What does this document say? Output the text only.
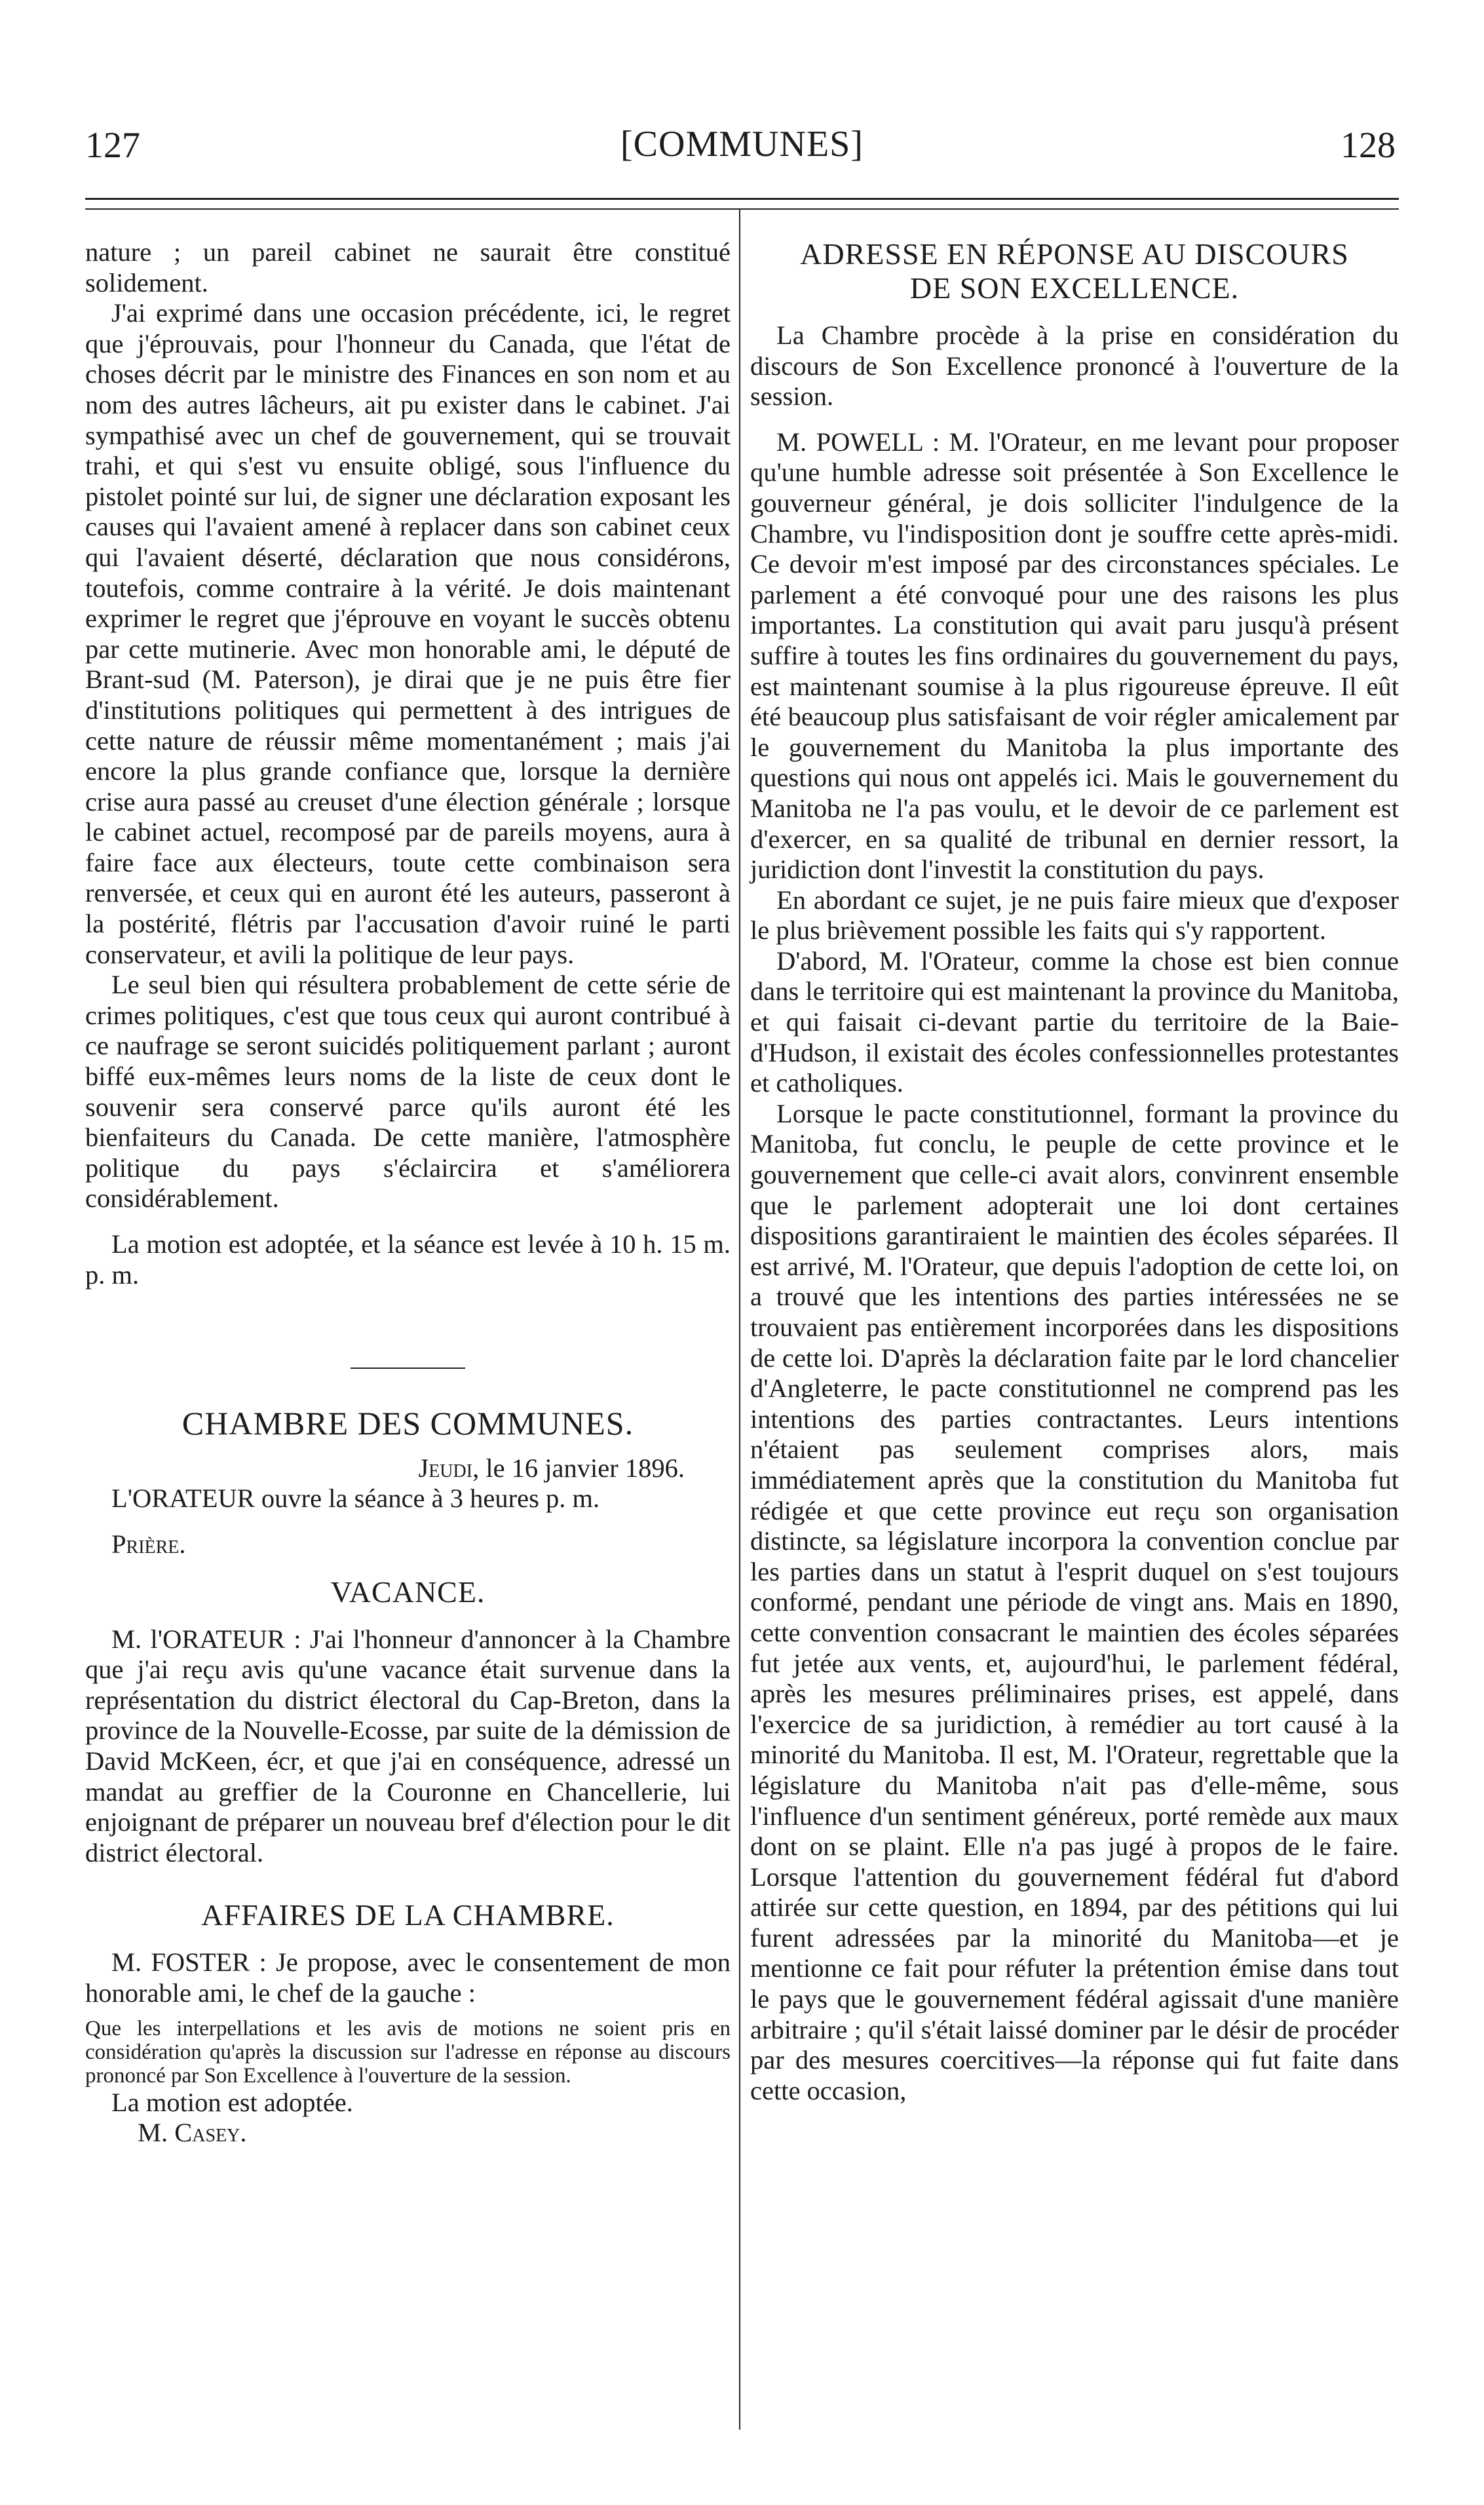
127	[COMMUNES]	128

nature ; un pareil cabinet ne saurait être constitué solidement.

J'ai exprimé dans une occasion précédente, ici, le regret que j'éprouvais, pour l'honneur du Canada, que l'état de choses décrit par le ministre des Finances en son nom et au nom des autres lâcheurs, ait pu exister dans le cabinet. J'ai sympathisé avec un chef de gouvernement, qui se trouvait trahi, et qui s'est vu ensuite obligé, sous l'influence du pistolet pointé sur lui, de signer une déclaration exposant les causes qui l'avaient amené à replacer dans son cabinet ceux qui l'avaient déserté, déclaration que nous considérons, toutefois, comme contraire à la vérité. Je dois maintenant exprimer le regret que j'éprouve en voyant le succès obtenu par cette mutinerie. Avec mon honorable ami, le député de Brant-sud (M. Paterson), je dirai que je ne puis être fier d'institutions politiques qui permettent à des intrigues de cette nature de réussir même momentanément ; mais j'ai encore la plus grande confiance que, lorsque la dernière crise aura passé au creuset d'une élection générale ; lorsque le cabinet actuel, recomposé par de pareils moyens, aura à faire face aux électeurs, toute cette combinaison sera renversée, et ceux qui en auront été les auteurs, passeront à la postérité, flétris par l'accusation d'avoir ruiné le parti conservateur, et avili la politique de leur pays.

Le seul bien qui résultera probablement de cette série de crimes politiques, c'est que tous ceux qui auront contribué à ce naufrage se seront suicidés politiquement parlant ; auront biffé eux-mêmes leurs noms de la liste de ceux dont le souvenir sera conservé parce qu'ils auront été les bienfaiteurs du Canada. De cette manière, l'atmosphère politique du pays s'éclaircira et s'améliorera considérablement.

La motion est adoptée, et la séance est levée à 10 h. 15 m. p. m.

CHAMBRE DES COMMUNES.

Jeudi, le 16 janvier 1896.

L'ORATEUR ouvre la séance à 3 heures p. m.

Prière.

VACANCE.

M. l'ORATEUR : J'ai l'honneur d'annoncer à la Chambre que j'ai reçu avis qu'une vacance était survenue dans la représentation du district électoral du Cap-Breton, dans la province de la Nouvelle-Ecosse, par suite de la démission de David McKeen, écr, et que j'ai en conséquence, adressé un mandat au greffier de la Couronne en Chancellerie, lui enjoignant de préparer un nouveau bref d'élection pour le dit district électoral.

AFFAIRES DE LA CHAMBRE.

M. FOSTER : Je propose, avec le consentement de mon honorable ami, le chef de la gauche :

Que les interpellations et les avis de motions ne soient pris en considération qu'après la discussion sur l'adresse en réponse au discours prononcé par Son Excellence à l'ouverture de la session.

La motion est adoptée.

M. Casey.

ADRESSE EN RÉPONSE AU DISCOURS DE SON EXCELLENCE.

La Chambre procède à la prise en considération du discours de Son Excellence prononcé à l'ouverture de la session.

M. POWELL : M. l'Orateur, en me levant pour proposer qu'une humble adresse soit présentée à Son Excellence le gouverneur général, je dois solliciter l'indulgence de la Chambre, vu l'indisposition dont je souffre cette après-midi. Ce devoir m'est imposé par des circonstances spéciales. Le parlement a été convoqué pour une des raisons les plus importantes. La constitution qui avait paru jusqu'à présent suffire à toutes les fins ordinaires du gouvernement du pays, est maintenant soumise à la plus rigoureuse épreuve. Il eût été beaucoup plus satisfaisant de voir régler amicalement par le gouvernement du Manitoba la plus importante des questions qui nous ont appelés ici. Mais le gouvernement du Manitoba ne l'a pas voulu, et le devoir de ce parlement est d'exercer, en sa qualité de tribunal en dernier ressort, la juridiction dont l'investit la constitution du pays.

En abordant ce sujet, je ne puis faire mieux que d'exposer le plus brièvement possible les faits qui s'y rapportent.

D'abord, M. l'Orateur, comme la chose est bien connue dans le territoire qui est maintenant la province du Manitoba, et qui faisait ci-devant partie du territoire de la Baie-d'Hudson, il existait des écoles confessionnelles protestantes et catholiques.

Lorsque le pacte constitutionnel, formant la province du Manitoba, fut conclu, le peuple de cette province et le gouvernement que celle-ci avait alors, convinrent ensemble que le parlement adopterait une loi dont certaines dispositions garantiraient le maintien des écoles séparées. Il est arrivé, M. l'Orateur, que depuis l'adoption de cette loi, on a trouvé que les intentions des parties intéressées ne se trouvaient pas entièrement incorporées dans les dispositions de cette loi. D'après la déclaration faite par le lord chancelier d'Angleterre, le pacte constitutionnel ne comprend pas les intentions des parties contractantes. Leurs intentions n'étaient pas seulement comprises alors, mais immédiatement après que la constitution du Manitoba fut rédigée et que cette province eut reçu son organisation distincte, sa législature incorpora la convention conclue par les parties dans un statut à l'esprit duquel on s'est toujours conformé, pendant une période de vingt ans. Mais en 1890, cette convention consacrant le maintien des écoles séparées fut jetée aux vents, et, aujourd'hui, le parlement fédéral, après les mesures préliminaires prises, est appelé, dans l'exercice de sa juridiction, à remédier au tort causé à la minorité du Manitoba. Il est, M. l'Orateur, regrettable que la législature du Manitoba n'ait pas d'elle-même, sous l'influence d'un sentiment généreux, porté remède aux maux dont on se plaint. Elle n'a pas jugé à propos de le faire. Lorsque l'attention du gouvernement fédéral fut d'abord attirée sur cette question, en 1894, par des pétitions qui lui furent adressées par la minorité du Manitoba—et je mentionne ce fait pour réfuter la prétention émise dans tout le pays que le gouvernement fédéral agissait d'une manière arbitraire ; qu'il s'était laissé dominer par le désir de procéder par des mesures coercitives—la réponse qui fut faite dans cette occasion,
